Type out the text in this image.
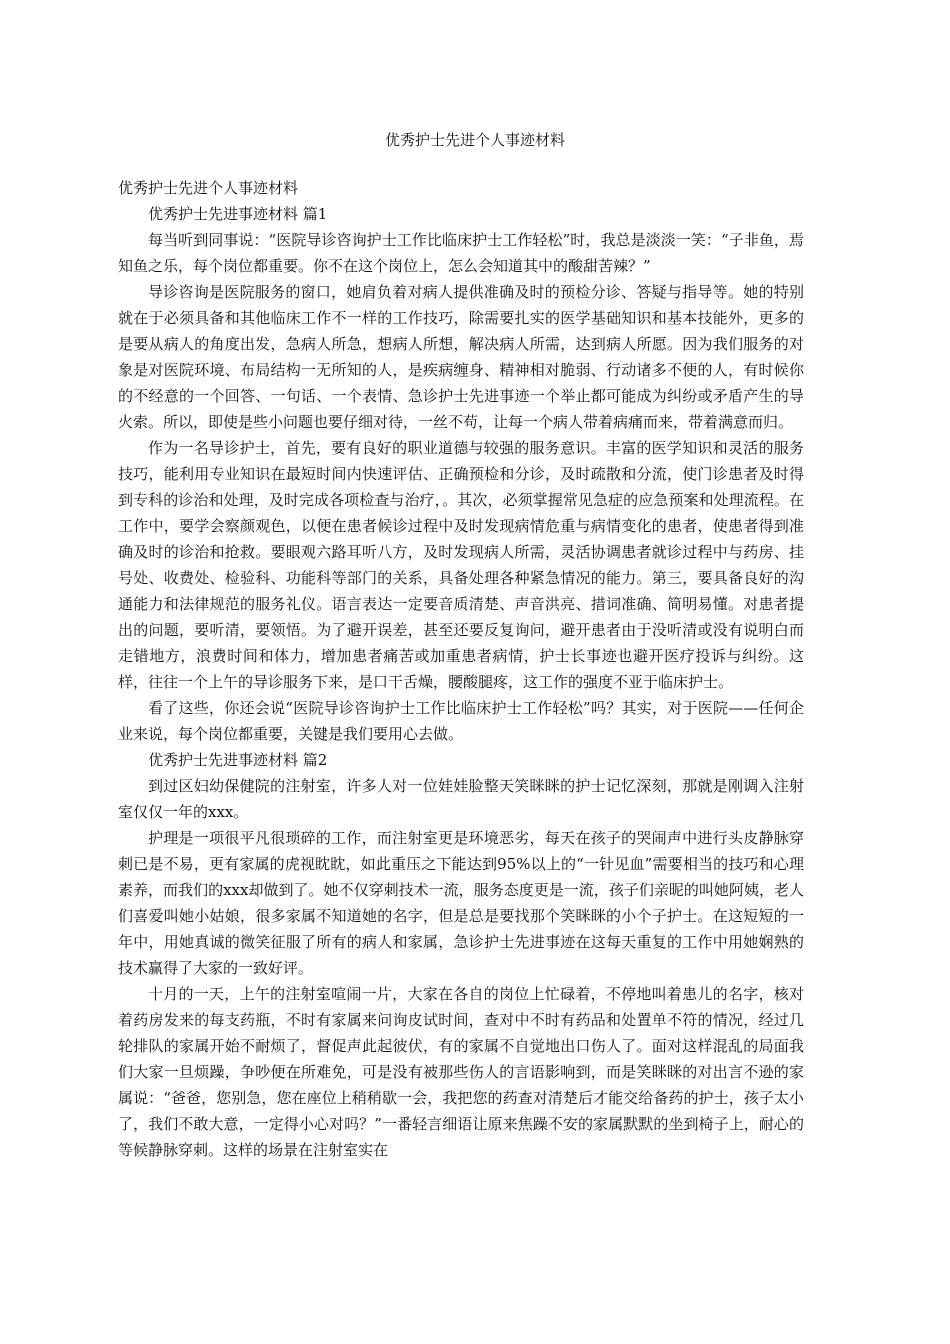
优秀护士先进个人事迹材料

优秀护士先进个人事迹材料

优秀护士先进事迹材料 篇1

每当听到同事说：“医院导诊咨询护士工作比临床护士工作轻松”时，我总是淡淡一笑：“子非鱼，焉知鱼之乐，每个岗位都重要。你不在这个岗位上，怎么会知道其中的酸甜苦辣？”

导诊咨询是医院服务的窗口，她肩负着对病人提供准确及时的预检分诊、答疑与指导等。她的特别就在于必须具备和其他临床工作不一样的工作技巧，除需要扎实的医学基础知识和基本技能外，更多的是要从病人的角度出发，急病人所急，想病人所想，解决病人所需，达到病人所愿。因为我们服务的对象是对医院环境、布局结构一无所知的人，是疾病缠身、精神相对脆弱、行动诸多不便的人，有时候你的不经意的一个回答、一句话、一个表情、急诊护士先进事迹一个举止都可能成为纠纷或矛盾产生的导火索。所以，即使是些小问题也要仔细对待，一丝不苟，让每一个病人带着病痛而来，带着满意而归。

作为一名导诊护士，首先，要有良好的职业道德与较强的服务意识。丰富的医学知识和灵活的服务技巧，能利用专业知识在最短时间内快速评估、正确预检和分诊，及时疏散和分流，使门诊患者及时得到专科的诊治和处理，及时完成各项检查与治疗，。其次，必须掌握常见急症的应急预案和处理流程。在工作中，要学会察颜观色，以便在患者候诊过程中及时发现病情危重与病情变化的患者，使患者得到准确及时的诊治和抢救。要眼观六路耳听八方，及时发现病人所需，灵活协调患者就诊过程中与药房、挂号处、收费处、检验科、功能科等部门的关系，具备处理各种紧急情况的能力。第三，要具备良好的沟通能力和法律规范的服务礼仪。语言表达一定要音质清楚、声音洪亮、措词准确、简明易懂。对患者提出的问题，要听清，要领悟。为了避开误差，甚至还要反复询问，避开患者由于没听清或没有说明白而走错地方，浪费时间和体力，增加患者痛苦或加重患者病情，护士长事迹也避开医疗投诉与纠纷。这样，往往一个上午的导诊服务下来，是口干舌燥，腰酸腿疼，这工作的强度不亚于临床护士。

看了这些，你还会说“医院导诊咨询护士工作比临床护士工作轻松”吗？其实，对于医院——任何企业来说，每个岗位都重要，关键是我们要用心去做。

优秀护士先进事迹材料 篇2

到过区妇幼保健院的注射室，许多人对一位娃娃脸整天笑眯眯的护士记忆深刻，那就是刚调入注射室仅仅一年的xxx。

护理是一项很平凡很琐碎的工作，而注射室更是环境恶劣，每天在孩子的哭闹声中进行头皮静脉穿刺已是不易，更有家属的虎视眈眈，如此重压之下能达到95%以上的“一针见血”需要相当的技巧和心理素养，而我们的xxx却做到了。她不仅穿刺技术一流，服务态度更是一流，孩子们亲昵的叫她阿姨，老人们喜爱叫她小姑娘，很多家属不知道她的名字，但是总是要找那个笑眯眯的小个子护士。在这短短的一年中，用她真诚的微笑征服了所有的病人和家属，急诊护士先进事迹在这每天重复的工作中用她娴熟的技术赢得了大家的一致好评。

十月的一天，上午的注射室喧闹一片，大家在各自的岗位上忙碌着，不停地叫着患儿的名字，核对着药房发来的每支药瓶，不时有家属来问询皮试时间，查对中不时有药品和处置单不符的情况，经过几轮排队的家属开始不耐烦了，督促声此起彼伏，有的家属不自觉地出口伤人了。面对这样混乱的局面我们大家一旦烦躁，争吵便在所难免，可是没有被那些伤人的言语影响到，而是笑眯眯的对出言不逊的家属说：“爸爸，您别急，您在座位上稍稍歇一会，我把您的药查对清楚后才能交给备药的护士，孩子太小了，我们不敢大意，一定得小心对吗？”一番轻言细语让原来焦躁不安的家属默默的坐到椅子上，耐心的等候静脉穿刺。这样的场景在注射室实在
